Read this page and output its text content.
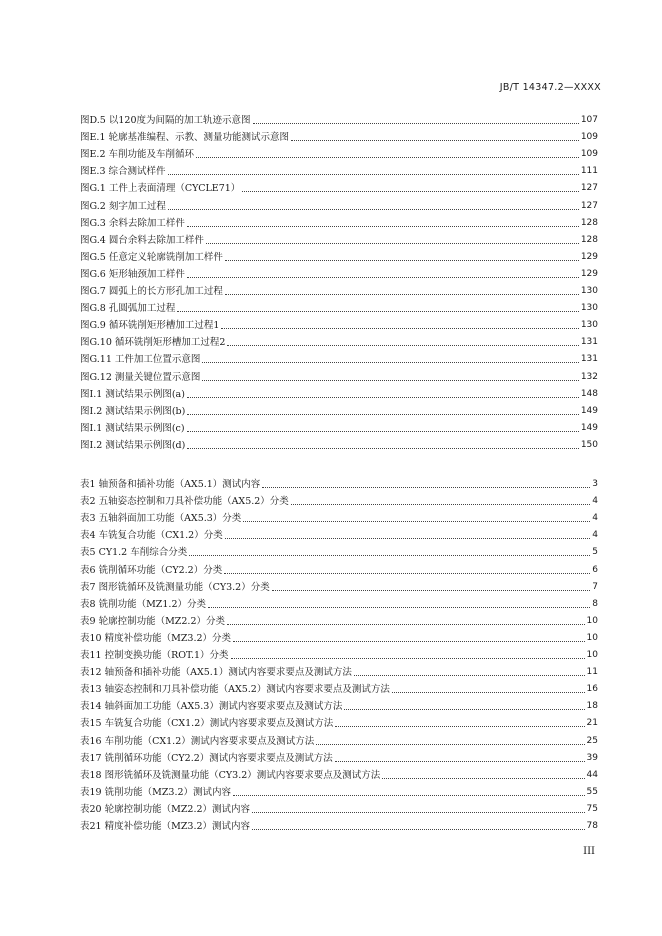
JB/T 14347.2—XXXX
图D.5 以120度为间隔的加工轨迹示意图	107
图E.1 轮廓基准编程、示教、测量功能测试示意图	109
图E.2 车削功能及车削循环	109
图E.3 综合测试样件	111
图G.1 工件上表面清理（CYCLE71）	127
图G.2 刻字加工过程	127
图G.3 余料去除加工样件	128
图G.4 圆台余料去除加工样件	128
图G.5 任意定义轮廓铣削加工样件	129
图G.6 矩形轴颈加工样件	129
图G.7 圆弧上的长方形孔加工过程	130
图G.8 孔圆弧加工过程	130
图G.9 循环铣削矩形槽加工过程1	130
图G.10 循环铣削矩形槽加工过程2	131
图G.11 工件加工位置示意图	131
图G.12 测量关键位置示意图	132
图I.1 测试结果示例图(a)	148
图I.2 测试结果示例图(b)	149
图I.1 测试结果示例图(c)	149
图I.2 测试结果示例图(d)	150
表1 轴预备和插补功能（AX5.1）测试内容	3
表2 五轴姿态控制和刀具补偿功能（AX5.2）分类	4
表3 五轴斜面加工功能（AX5.3）分类	4
表4 车铣复合功能（CX1.2）分类	4
表5 CY1.2 车削综合分类	5
表6 铣削循环功能（CY2.2）分类	6
表7 图形铣循环及铣测量功能（CY3.2）分类	7
表8 铣削功能（MZ1.2）分类	8
表9 轮廓控制功能（MZ2.2）分类	10
表10 精度补偿功能（MZ3.2）分类	10
表11 控制变换功能（ROT.1）分类	10
表12 轴预备和插补功能（AX5.1）测试内容要求要点及测试方法	11
表13 轴姿态控制和刀具补偿功能（AX5.2）测试内容要求要点及测试方法	16
表14 轴斜面加工功能（AX5.3）测试内容要求要点及测试方法	18
表15 车铣复合功能（CX1.2）测试内容要求要点及测试方法	21
表16 车削功能（CX1.2）测试内容要求要点及测试方法	25
表17 铣削循环功能（CY2.2）测试内容要求要点及测试方法	39
表18 图形铣循环及铣测量功能（CY3.2）测试内容要求要点及测试方法	44
表19 铣削功能（MZ3.2）测试内容	55
表20 轮廓控制功能（MZ2.2）测试内容	75
表21 精度补偿功能（MZ3.2）测试内容	78
III
